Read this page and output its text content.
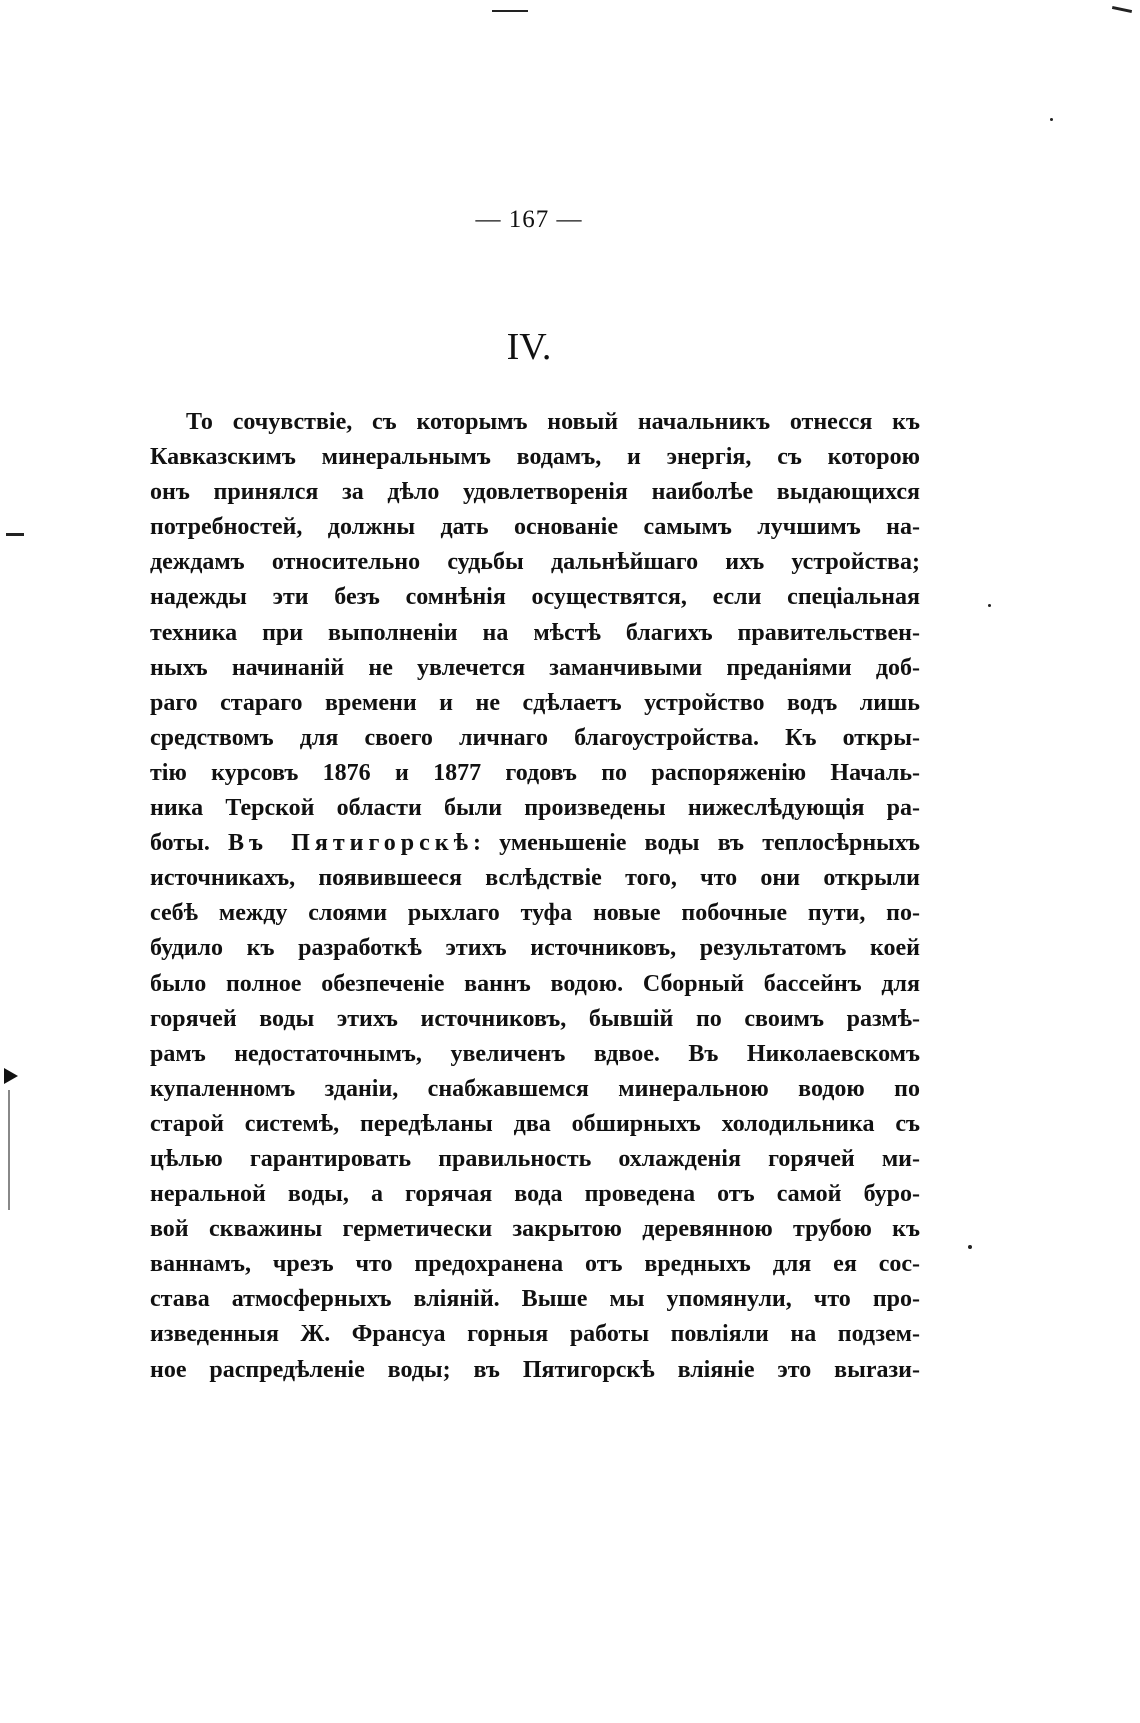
— 167 —
IV.
То сочувствіе, съ которымъ новый начальникъ отнесся къ
Кавказскимъ минеральнымъ водамъ, и энергія, съ которою
онъ принялся за дѣло удовлетворенія наиболѣе выдающихся
потребностей, должны дать основаніе самымъ лучшимъ на-
деждамъ относительно судьбы дальнѣйшаго ихъ устройства;
надежды эти безъ сомнѣнія осуществятся, если спеціальная
техника при выполненіи на мѣстѣ благихъ правительствен-
ныхъ начинаній не увлечется заманчивыми преданіями доб-
раго стараго времени и не сдѣлаетъ устройство водъ лишь
средствомъ для своего личнаго благоустройства. Къ откры-
тію курсовъ 1876 и 1877 годовъ по распоряженію Началь-
ника Терской области были произведены нижеслѣдующія ра-
боты. Въ Пятигорскѣ: уменьшеніе воды въ теплосѣрныхъ
источникахъ, появившееся вслѣдствіе того, что они открыли
себѣ между слоями рыхлаго туфа новые побочные пути, по-
будило къ разработкѣ этихъ источниковъ, результатомъ коей
было полное обезпеченіе ваннъ водою. Сборный бассейнъ для
горячей воды этихъ источниковъ, бывшій по своимъ размѣ-
рамъ недостаточнымъ, увеличенъ вдвое. Въ Николаевскомъ
купаленномъ зданіи, снабжавшемся минеральною водою по
старой системѣ, передѣланы два обширныхъ холодильника съ
цѣлью гарантировать правильность охлажденія горячей ми-
неральной воды, а горячая вода проведена отъ самой буро-
вой скважины герметически закрытою деревянною трубою къ
ваннамъ, чрезъ что предохранена отъ вредныхъ для ея сос-
става атмосферныхъ вліяній. Выше мы упомянули, что про-
изведенныя Ж. Франсуа горныя работы повліяли на подзем-
ное распредѣленіе воды; въ Пятигорскѣ вліяніе это выrази-
